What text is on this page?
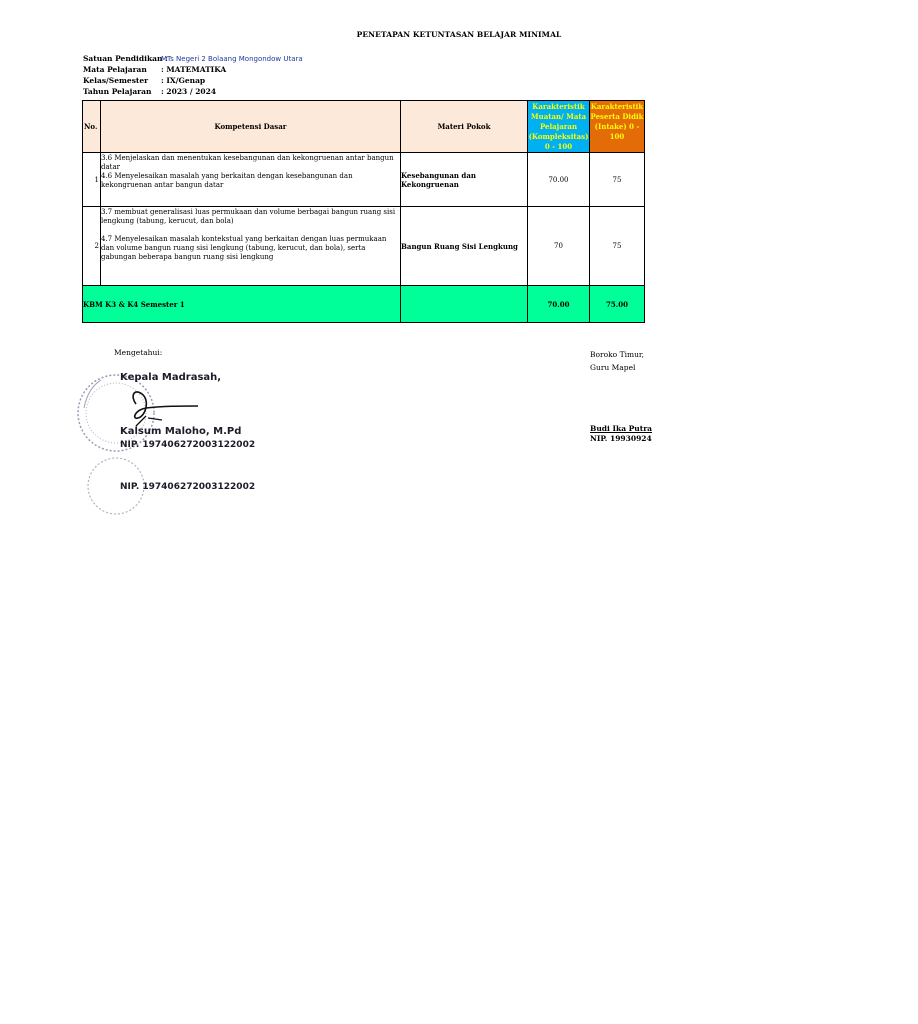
PENETAPAN KETUNTASAN BELAJAR MINIMAL
Satuan Pendidikan :MTs Negeri 2 Bolaang Mongondow Utara
Mata Pelajaran : MATEMATIKA
Kelas/Semester : IX/Genap
Tahun Pelajaran : 2023 / 2024
No.	Kompetensi Dasar	Materi Pokok	Karakteristik Muatan/ Mata Pelajaran (Kompleksitas) 0 - 100	Karakteristik Peserta Didik (Intake) 0 - 100
1	3.6 Menjelaskan dan menentukan kesebangunan dan kekongruenan antar bangun datar
4.6 Menyelesaikan masalah yang berkaitan dengan kesebangunan dan kekongruenan antar bangun datar	Kesebangunan dan Kekongruenan	70.00	75
2	3.7 membuat generalisasi luas permukaan dan volume berbagai bangun ruang sisi lengkung (tabung, kerucut, dan bola)
4.7 Menyelesaikan masalah kontekstual yang berkaitan dengan luas permukaan dan volume bangun ruang sisi lengkung (tabung, kerucut, dan bola), serta gabungan beberapa bangun ruang sisi lengkung	Bangun Ruang Sisi Lengkung	70	75
KBM K3 & K4 Semester 1			70.00	75.00
Mengetahui:	Boroko Timur,
Guru Mapel
Budi Ika Putra
NIP. 19930924
Kepala Madrasah,
Kalsum Maloho, M.Pd
NIP. 197406272003122002
NIP. 197406272003122002
